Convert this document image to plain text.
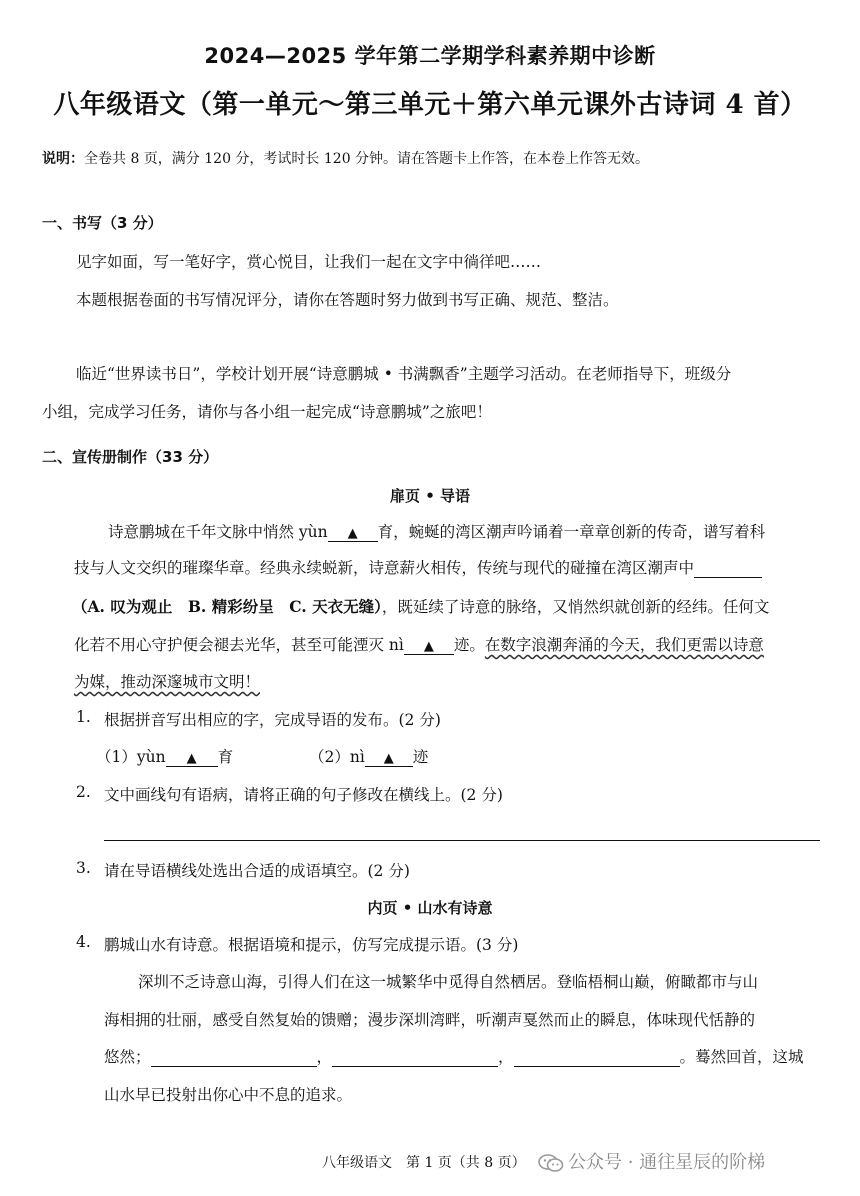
2024—2025 学年第二学期学科素养期中诊断
八年级语文（第一单元～第三单元＋第六单元课外古诗词 4 首）
说明：全卷共 8 页，满分 120 分，考试时长 120 分钟。请在答题卡上作答，在本卷上作答无效。
一、书写（3 分）
见字如面，写一笔好字，赏心悦目，让我们一起在文字中徜徉吧……
本题根据卷面的书写情况评分，请你在答题时努力做到书写正确、规范、整洁。
临近“世界读书日”，学校计划开展“诗意鹏城 • 书满飘香”主题学习活动。在老师指导下，班级分
小组，完成学习任务，请你与各小组一起完成“诗意鹏城”之旅吧！
二、宣传册制作（33 分）
扉页 • 导语
诗意鹏城在千年文脉中悄然 yùn ▲ 育，蜿蜒的湾区潮声吟诵着一章章创新的传奇，谱写着科
技与人文交织的璀璨华章。经典永续蜕新，诗意薪火相传，传统与现代的碰撞在湾区潮声中
（A. 叹为观止　B. 精彩纷呈　C. 天衣无缝），既延续了诗意的脉络，又悄然织就创新的经纬。任何文
化若不用心守护便会褪去光华，甚至可能湮灭 nì ▲ 迹。在数字浪潮奔涌的今天，我们更需以诗意
为媒，推动深邃城市文明！
1. 根据拼音写出相应的字，完成导语的发布。(2 分)
（1）yùn ▲ 育	（2）nì ▲ 迹
2. 文中画线句有语病，请将正确的句子修改在横线上。(2 分)
3. 请在导语横线处选出合适的成语填空。(2 分)
内页 • 山水有诗意
4. 鹏城山水有诗意。根据语境和提示，仿写完成提示语。(3 分)
深圳不乏诗意山海，引得人们在这一城繁华中觅得自然栖居。登临梧桐山巅，俯瞰都市与山
海相拥的壮丽，感受自然复始的馈赠；漫步深圳湾畔，听潮声戛然而止的瞬息，体味现代恬静的
悠然；	，	，	。蓦然回首，这城
山水早已投射出你心中不息的追求。
八年级语文　第 1 页（共 8 页）	公众号 · 通往星辰的阶梯
